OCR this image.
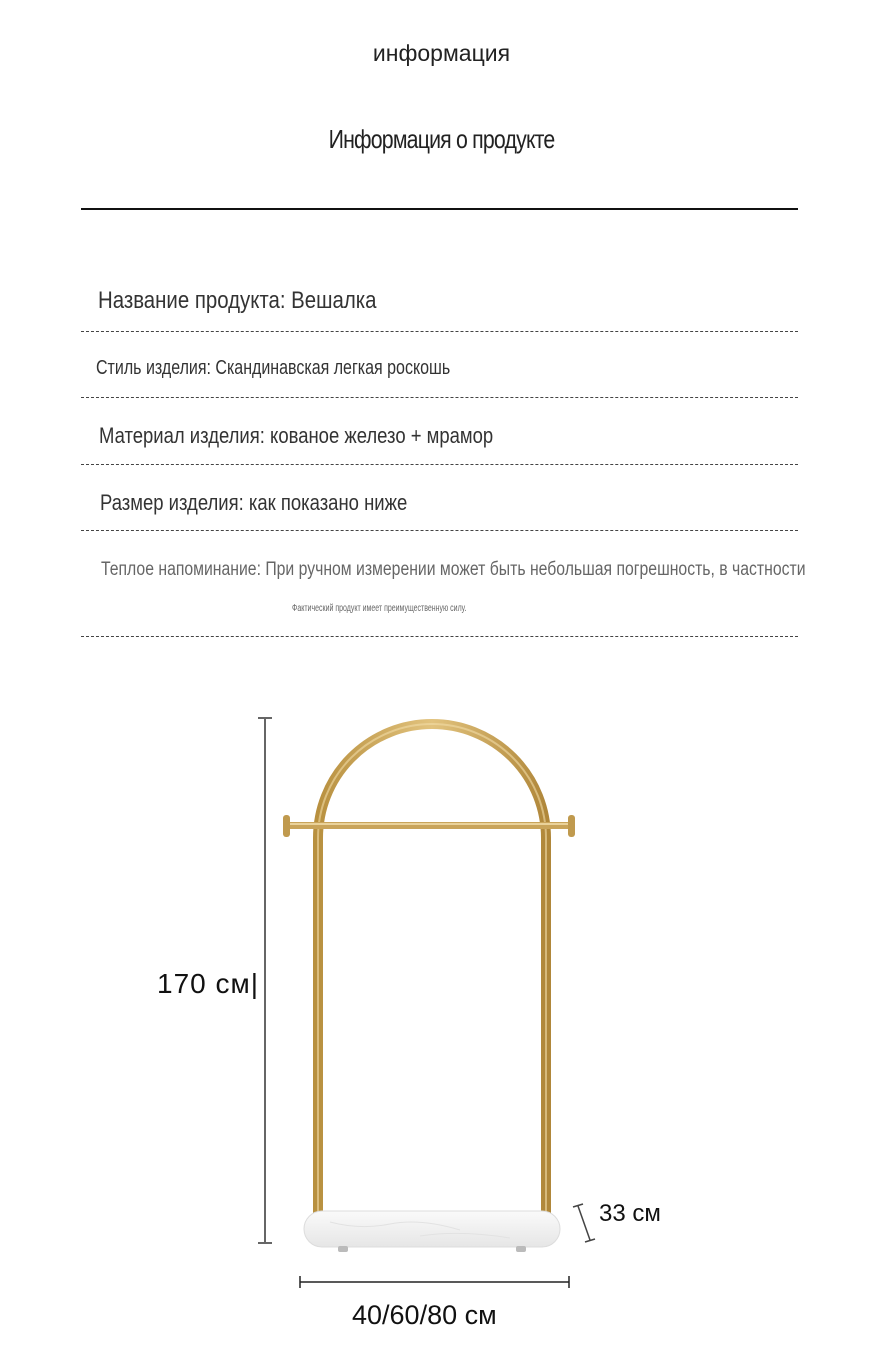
информация
Информация о продукте
Название продукта: Вешалка
Стиль изделия: Скандинавская легкая роскошь
Материал изделия: кованое железо + мрамор
Размер изделия: как показано ниже
Теплое напоминание: При ручном измерении может быть небольшая погрешность, в частности
Фактический продукт имеет преимущественную силу.
170 см|
33 см
40/60/80 см
